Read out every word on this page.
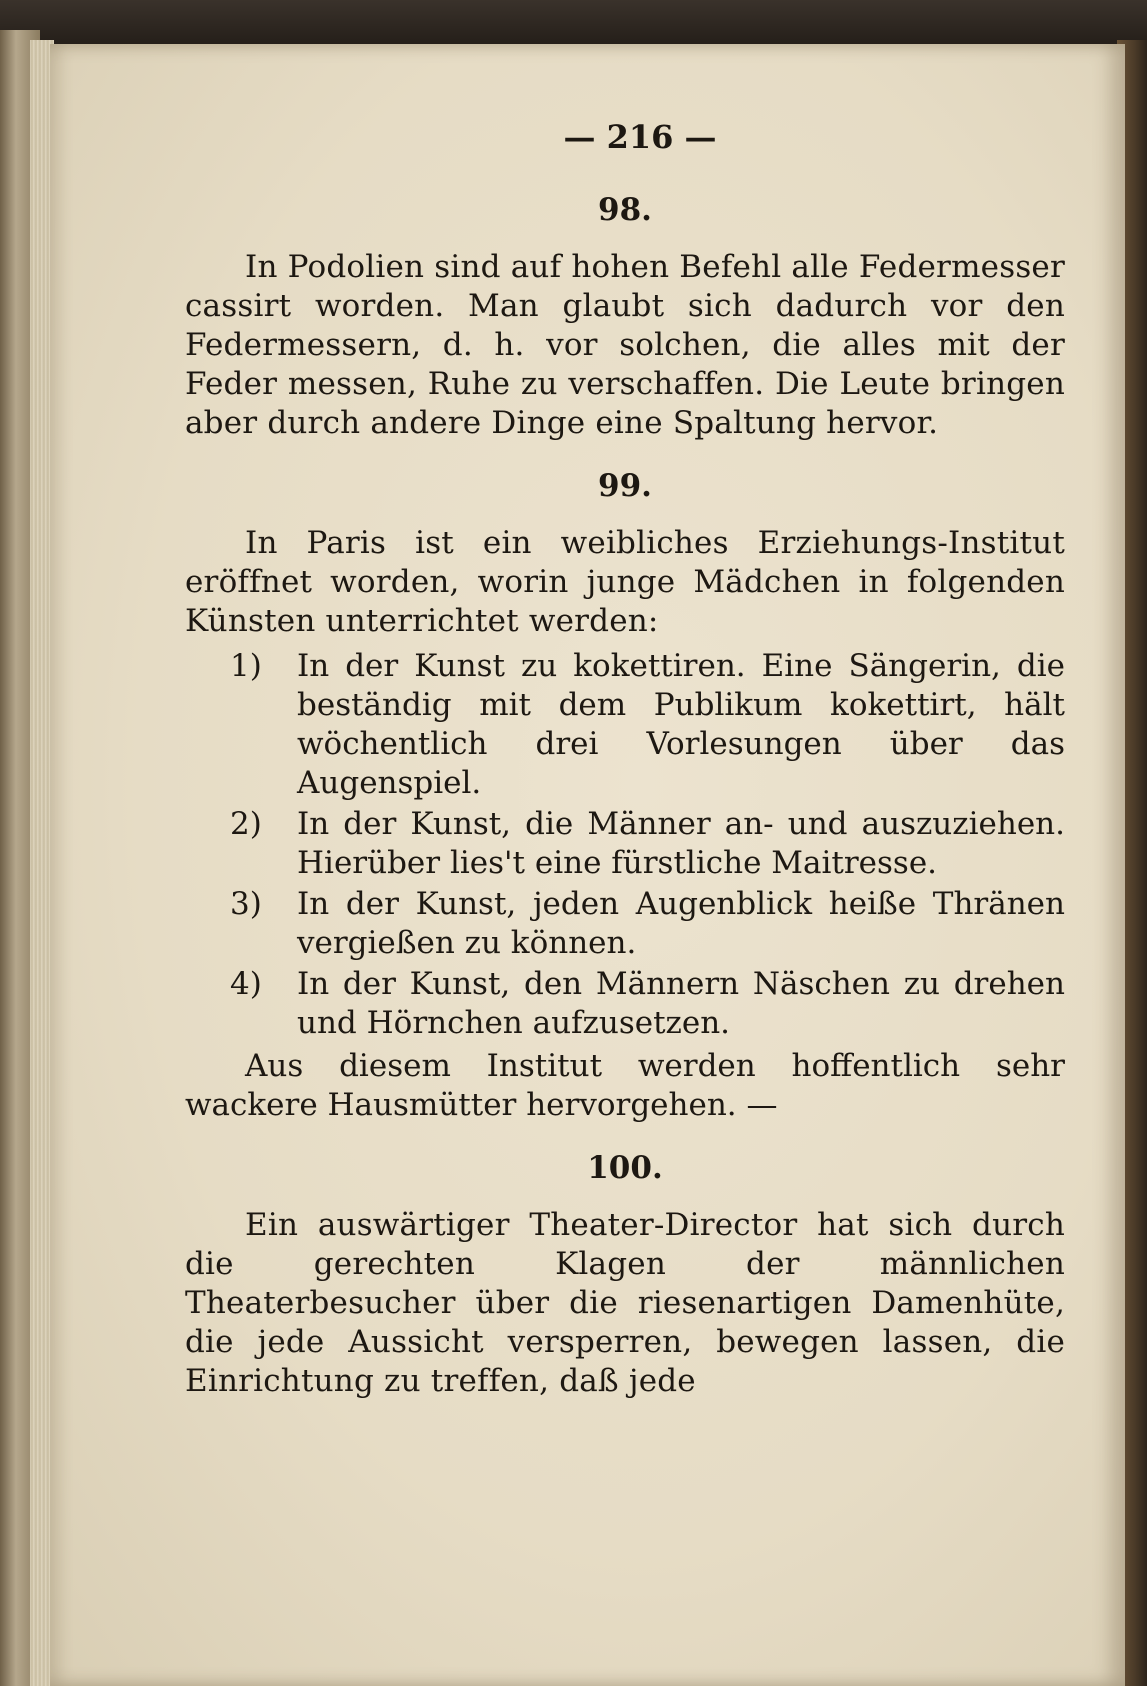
— 216 —
98.

In Podolien sind auf hohen Befehl alle Federmesser cassirt worden. Man glaubt sich dadurch vor den Federmessern, d. h. vor solchen, die alles mit der Feder messen, Ruhe zu verschaffen. Die Leute bringen aber durch andere Dinge eine Spaltung hervor.

99.

In Paris ist ein weibliches Erziehungs-Institut eröffnet worden, worin junge Mädchen in folgenden Künsten unterrichtet werden:

1) In der Kunst zu kokettiren. Eine Sängerin, die beständig mit dem Publikum kokettirt, hält wöchentlich drei Vorlesungen über das Augenspiel.
2) In der Kunst, die Männer an- und auszuziehen. Hierüber lies't eine fürstliche Maitresse.
3) In der Kunst, jeden Augenblick heiße Thränen vergießen zu können.
4) In der Kunst, den Männern Näschen zu drehen und Hörnchen aufzusetzen.

Aus diesem Institut werden hoffentlich sehr wackere Hausmütter hervorgehen. —

100.

Ein auswärtiger Theater-Director hat sich durch die gerechten Klagen der männlichen Theaterbesucher über die riesenartigen Damenhüte, die jede Aussicht versperren, bewegen lassen, die Einrichtung zu treffen, daß jede
